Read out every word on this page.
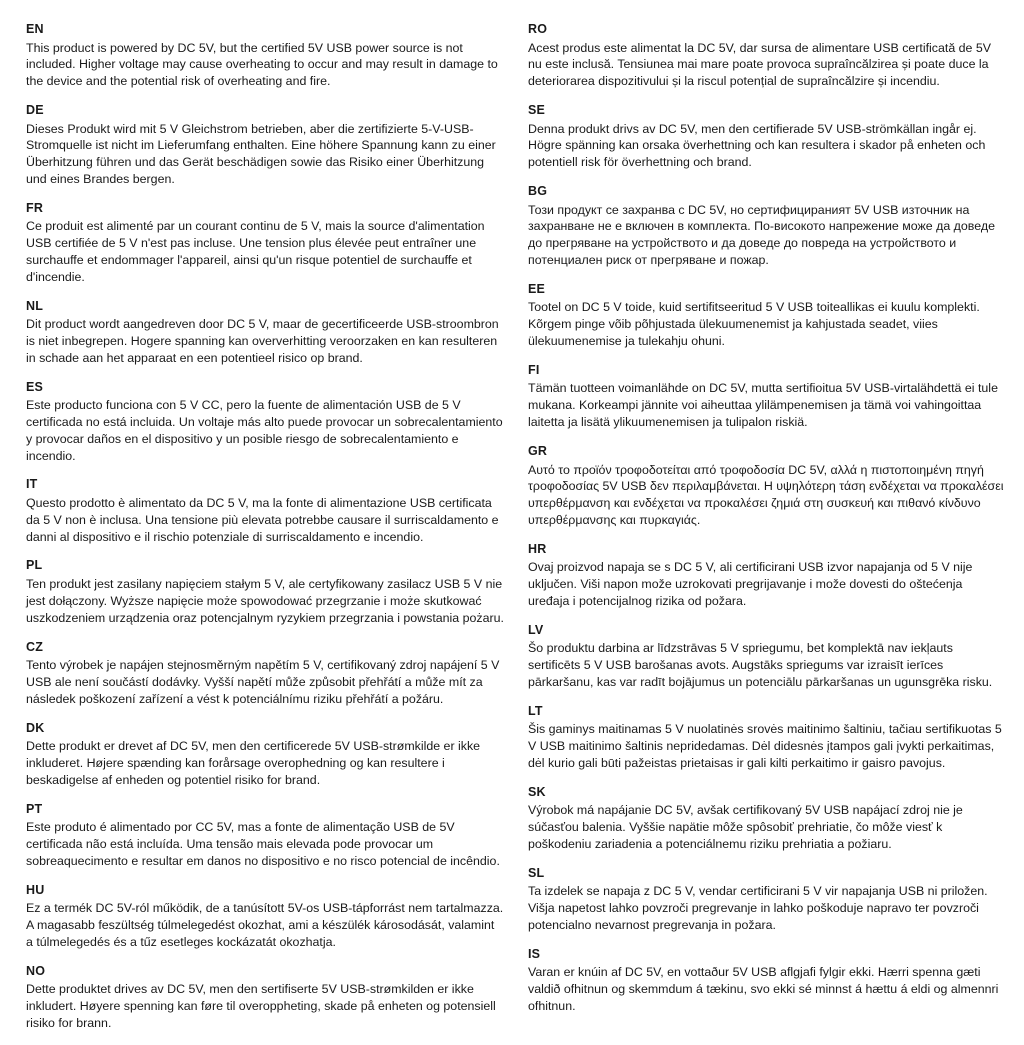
EN
This product is powered by DC 5V, but the certified 5V USB power source is not included. Higher voltage may cause overheating to occur and may result in damage to the device and the potential risk of overheating and fire.
DE
Dieses Produkt wird mit 5 V Gleichstrom betrieben, aber die zertifizierte 5-V-USB-Stromquelle ist nicht im Lieferumfang enthalten. Eine höhere Spannung kann zu einer Überhitzung führen und das Gerät beschädigen sowie das Risiko einer Überhitzung und eines Brandes bergen.
FR
Ce produit est alimenté par un courant continu de 5 V, mais la source d'alimentation USB certifiée de 5 V n'est pas incluse. Une tension plus élevée peut entraîner une surchauffe et endommager l'appareil, ainsi qu'un risque potentiel de surchauffe et d'incendie.
NL
Dit product wordt aangedreven door DC 5 V, maar de gecertificeerde USB-stroombron is niet inbegrepen. Hogere spanning kan oververhitting veroorzaken en kan resulteren in schade aan het apparaat en een potentieel risico op brand.
ES
Este producto funciona con 5 V CC, pero la fuente de alimentación USB de 5 V certificada no está incluida. Un voltaje más alto puede provocar un sobrecalentamiento y provocar daños en el dispositivo y un posible riesgo de sobrecalentamiento e incendio.
IT
Questo prodotto è alimentato da DC 5 V, ma la fonte di alimentazione USB certificata da 5 V non è inclusa. Una tensione più elevata potrebbe causare il surriscaldamento e danni al dispositivo e il rischio potenziale di surriscaldamento e incendio.
PL
Ten produkt jest zasilany napięciem stałym 5 V, ale certyfikowany zasilacz USB 5 V nie jest dołączony. Wyższe napięcie może spowodować przegrzanie i może skutkować uszkodzeniem urządzenia oraz potencjalnym ryzykiem przegrzania i powstania pożaru.
CZ
Tento výrobek je napájen stejnosměrným napětím 5 V, certifikovaný zdroj napájení 5 V USB ale není součástí dodávky. Vyšší napětí může způsobit přehřátí a může mít za následek poškození zařízení a vést k potenciálnímu riziku přehřátí a požáru.
DK
Dette produkt er drevet af DC 5V, men den certificerede 5V USB-strømkilde er ikke inkluderet. Højere spænding kan forårsage overophedning og kan resultere i beskadigelse af enheden og potentiel risiko for brand.
PT
Este produto é alimentado por CC 5V, mas a fonte de alimentação USB de 5V certificada não está incluída. Uma tensão mais elevada pode provocar um sobreaquecimento e resultar em danos no dispositivo e no risco potencial de incêndio.
HU
Ez a termék DC 5V-ról működik, de a tanúsított 5V-os USB-tápforrást nem tartalmazza. A magasabb feszültség túlmelegedést okozhat, ami a készülék károsodását, valamint a túlmelegedés és a tűz esetleges kockázatát okozhatja.
NO
Dette produktet drives av DC 5V, men den sertifiserte 5V USB-strømkilden er ikke inkludert. Høyere spenning kan føre til overoppheting, skade på enheten og potensiell risiko for brann.
RO
Acest produs este alimentat la DC 5V, dar sursa de alimentare USB certificată de 5V nu este inclusă. Tensiunea mai mare poate provoca supraîncălzirea și poate duce la deteriorarea dispozitivului și la riscul potențial de supraîncălzire și incendiu.
SE
Denna produkt drivs av DC 5V, men den certifierade 5V USB-strömkällan ingår ej. Högre spänning kan orsaka överhettning och kan resultera i skador på enheten och potentiell risk för överhettning och brand.
BG
Този продукт се захранва с DC 5V, но сертифицираният 5V USB източник на захранване не е включен в комплекта. По-високото напрежение може да доведе до прегряване на устройството и да доведе до повреда на устройството и потенциален риск от прегряване и пожар.
EE
Tootel on DC 5 V toide, kuid sertifitseeritud 5 V USB toiteallikas ei kuulu komplekti. Kõrgem pinge võib põhjustada ülekuumenemist ja kahjustada seadet, viies ülekuumenemise ja tulekahju ohuni.
FI
Tämän tuotteen voimanlähde on DC 5V, mutta sertifioitua 5V USB-virtalähdettä ei tule mukana. Korkeampi jännite voi aiheuttaa ylilämpenemisen ja tämä voi vahingoittaa laitetta ja lisätä ylikuumenemisen ja tulipalon riskiä.
GR
Αυτό το προϊόν τροφοδοτείται από τροφοδοσία DC 5V, αλλά η πιστοποιημένη πηγή τροφοδοσίας 5V USB δεν περιλαμβάνεται. Η υψηλότερη τάση ενδέχεται να προκαλέσει υπερθέρμανση και ενδέχεται να προκαλέσει ζημιά στη συσκευή και πιθανό κίνδυνο υπερθέρμανσης και πυρκαγιάς.
HR
Ovaj proizvod napaja se s DC 5 V, ali certificirani USB izvor napajanja od 5 V nije uključen. Viši napon može uzrokovati pregrijavanje i može dovesti do oštećenja uređaja i potencijalnog rizika od požara.
LV
Šo produktu darbina ar līdzstrāvas 5 V spriegumu, bet komplektā nav iekļauts sertificēts 5 V USB barošanas avots. Augstāks spriegums var izraisīt ierīces pārkaršanu, kas var radīt bojājumus un potenciālu pārkaršanas un ugunsgrēka risku.
LT
Šis gaminys maitinamas 5 V nuolatinės srovės maitinimo šaltiniu, tačiau sertifikuotas 5 V USB maitinimo šaltinis nepridedamas. Dėl didesnės įtampos gali įvykti perkaitimas, dėl kurio gali būti pažeistas prietaisas ir gali kilti perkaitimo ir gaisro pavojus.
SK
Výrobok má napájanie DC 5V, avšak certifikovaný 5V USB napájací zdroj nie je súčasťou balenia. Vyššie napätie môže spôsobiť prehriatie, čo môže viesť k poškodeniu zariadenia a potenciálnemu riziku prehriatia a požiaru.
SL
Ta izdelek se napaja z DC 5 V, vendar certificirani 5 V vir napajanja USB ni priložen. Višja napetost lahko povzroči pregrevanje in lahko poškoduje napravo ter povzroči potencialno nevarnost pregrevanja in požara.
IS
Varan er knúin af DC 5V, en vottaður 5V USB aflgjafi fylgir ekki. Hærri spenna gæti valdið ofhitnun og skemmdum á tækinu, svo ekki sé minnst á hættu á eldi og almennri ofhitnun.
